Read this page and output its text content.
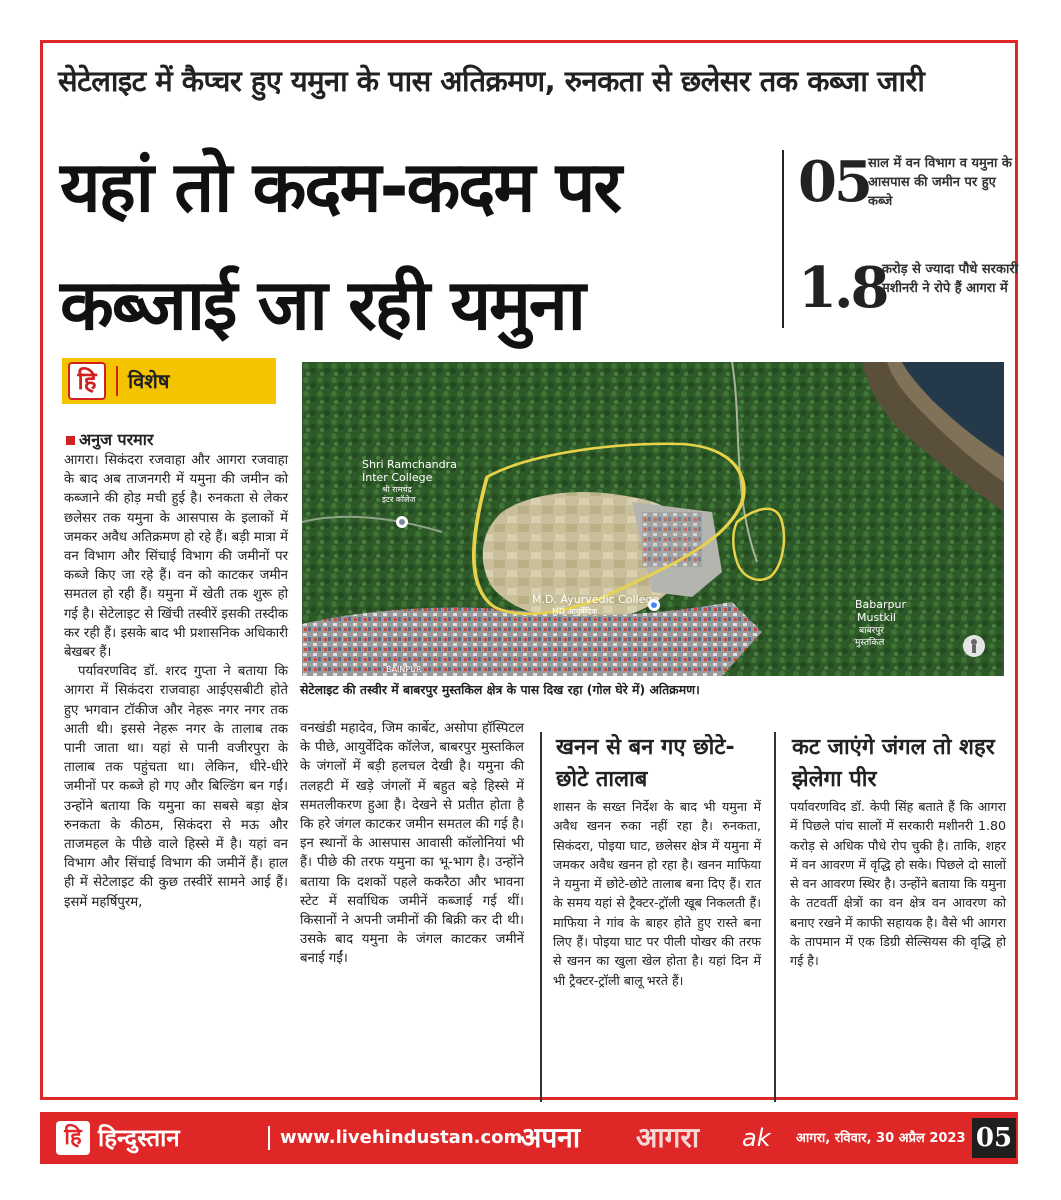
सेटेलाइट में कैप्चर हुए यमुना के पास अतिक्रमण, रुनकता से छलेसर तक कब्जा जारी
यहां तो कदम-कदम पर
कब्जाई जा रही यमुना
05
साल में वन विभाग व यमुना के आसपास की जमीन पर हुए कब्जे
1.8
करोड़ से ज्यादा पौधे सरकारी मशीनरी ने रोपे हैं आगरा में
हि	विशेष
अनुज परमार

आगरा। सिकंदरा रजवाहा और आगरा रजवाहा के बाद अब ताजनगरी में यमुना की जमीन को कब्जाने की होड़ मची हुई है। रुनकता से लेकर छलेसर तक यमुना के आसपास के इलाकों में जमकर अवैध अतिक्रमण हो रहे हैं। बड़ी मात्रा में वन विभाग और सिंचाई विभाग की जमीनों पर कब्जे किए जा रहे हैं। वन को काटकर जमीन समतल हो रही हैं। यमुना में खेती तक शुरू हो गई है। सेटेलाइट से खिंची तस्वीरें इसकी तस्दीक कर रही हैं। इसके बाद भी प्रशासनिक अधिकारी बेखबर हैं।

पर्यावरणविद डॉ. शरद गुप्ता ने बताया कि आगरा में सिकंदरा राजवाहा आईएसबीटी होते हुए भगवान टॉकीज और नेहरू नगर नगर तक आती थी। इससे नेहरू नगर के तालाब तक पानी जाता था। यहां से पानी वजीरपुरा के तालाब तक पहुंचता था। लेकिन, धीरे-धीरे जमीनों पर कब्जे हो गए और बिल्डिंग बन गईं। उन्होंने बताया कि यमुना का सबसे बड़ा क्षेत्र रुनकता के कीठम, सिकंदरा से मऊ और ताजमहल के पीछे वाले हिस्से में है। यहां वन विभाग और सिंचाई विभाग की जमीनें हैं। हाल ही में सेटेलाइट की कुछ तस्वीरें सामने आई हैं। इसमें महर्षिपुरम,

Shri Ramchandra
Inter College
श्री रामचंद्र
इंटर कॉलेज
M.D. Ayurvedic College
MD आयुर्वेदिक
Babarpur
Mustkil
बाबरपुर
मुस्तकिल
BAINPUR
सेटेलाइट की तस्वीर में बाबरपुर मुस्तकिल क्षेत्र के पास दिख रहा (गोल घेरे में) अतिक्रमण।

वनखंडी महादेव, जिम कार्बेट, असोपा हॉस्पिटल के पीछे, आयुर्वेदिक कॉलेज, बाबरपुर मुस्तकिल के जंगलों में बड़ी हलचल देखी है। यमुना की तलहटी में खड़े जंगलों में बहुत बड़े हिस्से में समतलीकरण हुआ है। देखने से प्रतीत होता है कि हरे जंगल काटकर जमीन समतल की गई है। इन स्थानों के आसपास आवासी कॉलोनियां भी हैं। पीछे की तरफ यमुना का भू-भाग है। उन्होंने बताया कि दशकों पहले ककरैठा और भावना स्टेट में सर्वाधिक जमीनें कब्जाई गई थीं। किसानों ने अपनी जमीनों की बिक्री कर दी थी। उसके बाद यमुना के जंगल काटकर जमीनें बनाई गईं।

खनन से बन गए छोटे-छोटे तालाब

शासन के सख्त निर्देश के बाद भी यमुना में अवैध खनन रुका नहीं रहा है। रुनकता, सिकंदरा, पोइया घाट, छलेसर क्षेत्र में यमुना में जमकर अवैध खनन हो रहा है। खनन माफिया ने यमुना में छोटे-छोटे तालाब बना दिए हैं। रात के समय यहां से ट्रैक्टर-ट्रॉली खूब निकलती हैं। माफिया ने गांव के बाहर होते हुए रास्ते बना लिए हैं। पोइया घाट पर पीली पोखर की तरफ से खनन का खुला खेल होता है। यहां दिन में भी ट्रैक्टर-ट्रॉली बालू भरते हैं।

कट जाएंगे जंगल तो शहर झेलेगा पीर

पर्यावरणविद डॉ. केपी सिंह बताते हैं कि आगरा में पिछले पांच सालों में सरकारी मशीनरी 1.80 करोड़ से अधिक पौधे रोप चुकी है। ताकि, शहर में वन आवरण में वृद्धि हो सके। पिछले दो सालों से वन आवरण स्थिर है। उन्होंने बताया कि यमुना के तटवर्ती क्षेत्रों का वन क्षेत्र वन आवरण को बनाए रखने में काफी सहायक है। वैसे भी आगरा के तापमान में एक डिग्री सेल्सियस की वृद्धि हो गई है।

हि हिन्दुस्तान	www.livehindustan.com
अपना आगरा ak आगरा, रविवार, 30 अप्रैल 2023 05
